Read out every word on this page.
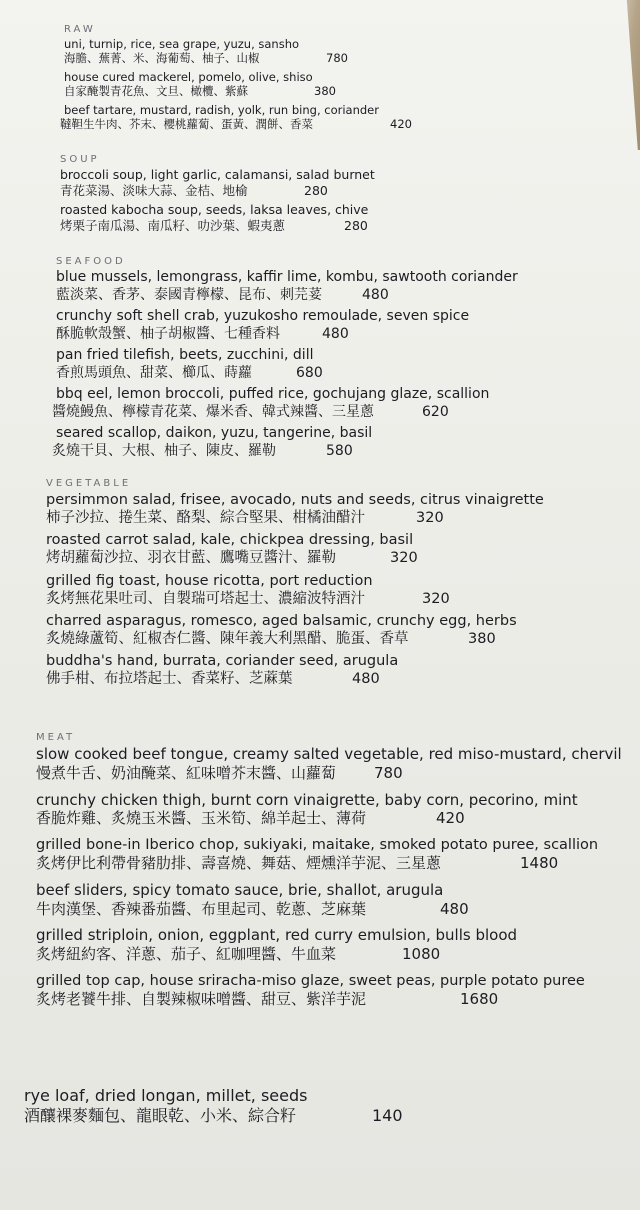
RAW
uni, turnip, rice, sea grape, yuzu, sansho
海膽、蕪菁、米、海葡萄、柚子、山椒	780
house cured mackerel, pomelo, olive, shiso
自家醃製青花魚、文旦、橄欖、紫蘇	380
beef tartare, mustard, radish, yolk, run bing, coriander
韃靼生牛肉、芥末、櫻桃蘿蔔、蛋黃、潤餅、香菜	420
SOUP
broccoli soup, light garlic, calamansi, salad burnet
青花菜湯、淡味大蒜、金桔、地榆	280
roasted kabocha soup, seeds, laksa leaves, chive
烤栗子南瓜湯、南瓜籽、叻沙葉、蝦夷蔥	280
SEAFOOD
blue mussels, lemongrass, kaffir lime, kombu, sawtooth coriander
藍淡菜、香茅、泰國青檸檬、昆布、刺芫荽	480
crunchy soft shell crab, yuzukosho remoulade, seven spice
酥脆軟殼蟹、柚子胡椒醬、七種香料	480
pan fried tilefish, beets, zucchini, dill
香煎馬頭魚、甜菜、櫛瓜、蒔蘿	680
bbq eel, lemon broccoli, puffed rice, gochujang glaze, scallion
醬燒鰻魚、檸檬青花菜、爆米香、韓式辣醬、三星蔥	620
seared scallop, daikon, yuzu, tangerine, basil
炙燒干貝、大根、柚子、陳皮、羅勒	580
VEGETABLE
persimmon salad, frisee, avocado, nuts and seeds, citrus vinaigrette
柿子沙拉、捲生菜、酪梨、綜合堅果、柑橘油醋汁	320
roasted carrot salad, kale, chickpea dressing, basil
烤胡蘿蔔沙拉、羽衣甘藍、鷹嘴豆醬汁、羅勒	320
grilled fig toast, house ricotta, port reduction
炙烤無花果吐司、自製瑞可塔起士、濃縮波特酒汁	320
charred asparagus, romesco, aged balsamic, crunchy egg, herbs
炙燒綠蘆筍、紅椒杏仁醬、陳年義大利黑醋、脆蛋、香草	380
buddha's hand, burrata, coriander seed, arugula
佛手柑、布拉塔起士、香菜籽、芝蔴葉	480
MEAT
slow cooked beef tongue, creamy salted vegetable, red miso-mustard, chervil
慢煮牛舌、奶油醃菜、紅味噌芥末醬、山蘿蔔	780
crunchy chicken thigh, burnt corn vinaigrette, baby corn, pecorino, mint
香脆炸雞、炙燒玉米醬、玉米筍、綿羊起士、薄荷	420
grilled bone-in Iberico chop, sukiyaki, maitake, smoked potato puree, scallion
炙烤伊比利帶骨豬肋排、壽喜燒、舞菇、煙燻洋芋泥、三星蔥	1480
beef sliders, spicy tomato sauce, brie, shallot, arugula
牛肉漢堡、香辣番茄醬、布里起司、乾蔥、芝麻葉	480
grilled striploin, onion, eggplant, red curry emulsion, bulls blood
炙烤紐約客、洋蔥、茄子、紅咖哩醬、牛血菜	1080
grilled top cap, house sriracha-miso glaze, sweet peas, purple potato puree
炙烤老饕牛排、自製辣椒味噌醬、甜豆、紫洋芋泥	1680
rye loaf, dried longan, millet, seeds
酒釀裸麥麵包、龍眼乾、小米、綜合籽	140
